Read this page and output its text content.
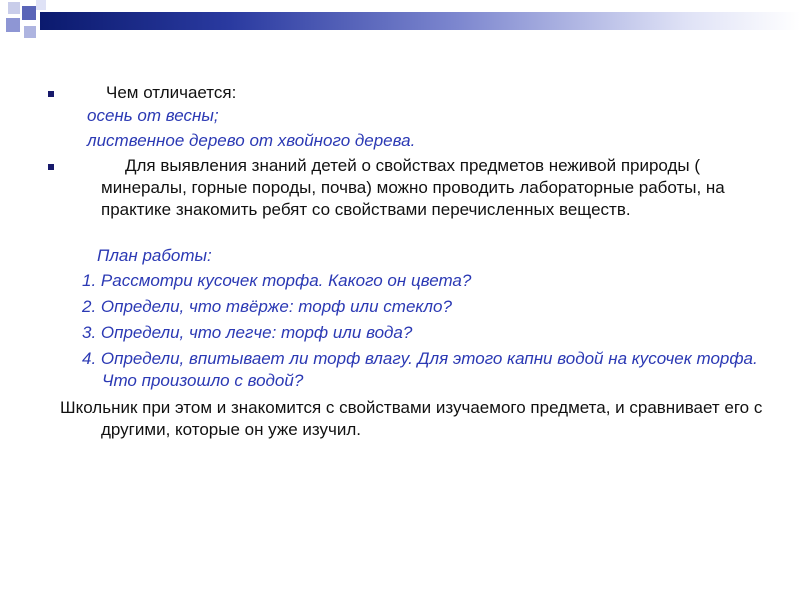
Чем отличается:
осень от весны;
лиственное дерево от хвойного дерева.
Для выявления знаний детей о свойствах предметов неживой природы ( минералы, горные породы, почва) можно проводить лабораторные работы, на практике знакомить ребят со свойствами перечисленных веществ.
План работы:
1. Рассмотри кусочек торфа. Какого он цвета?
2. Определи, что твёрже: торф или стекло?
3. Определи, что легче: торф или вода?
4. Определи, впитывает ли торф влагу. Для этого капни водой на кусочек торфа. Что произошло с водой?
Школьник при этом и знакомится с свойствами изучаемого предмета, и сравнивает его с другими, которые он уже изучил.
